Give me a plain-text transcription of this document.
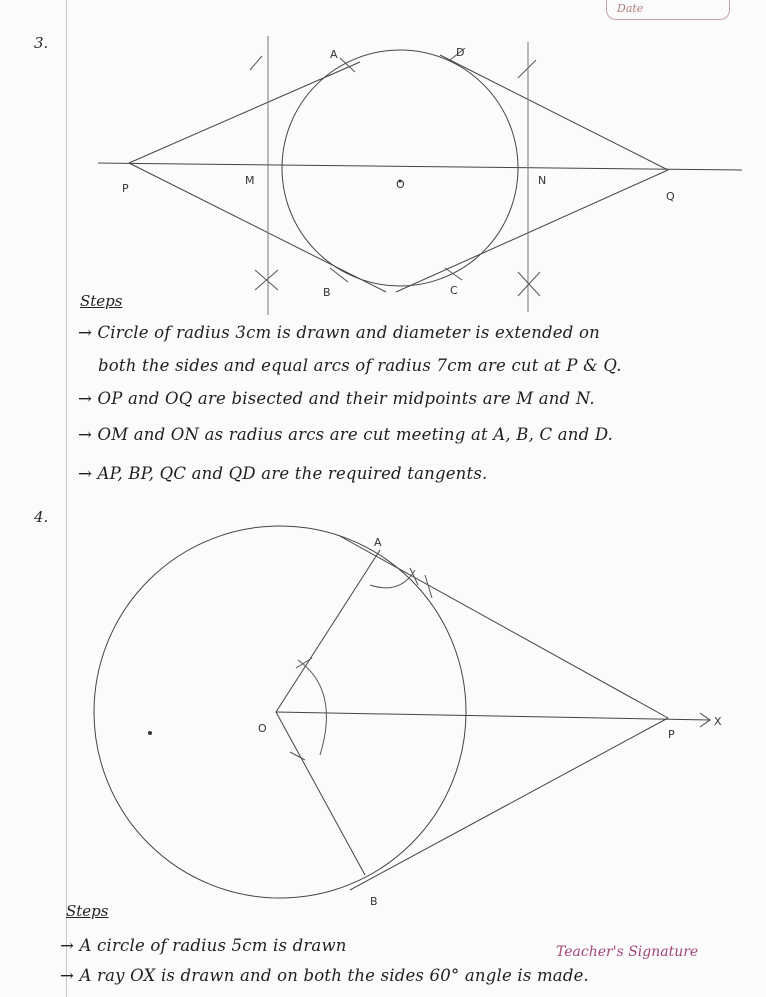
Date
3.
A	D
P
M	O	N
Q
B	C
A
O	P
X
B
Steps
→ Circle of radius 3cm is drawn and diameter is extended on
both the sides and equal arcs of radius 7cm are cut at P & Q.
→ OP and OQ are bisected and their midpoints are M and N.
→ OM and ON as radius arcs are cut meeting at A, B, C and D.
→ AP, BP, QC and QD are the required tangents.
4.
Steps
→ A circle of radius 5cm is drawn
→ A ray OX is drawn and on both the sides 60° angle is made.
Teacher's Signature
